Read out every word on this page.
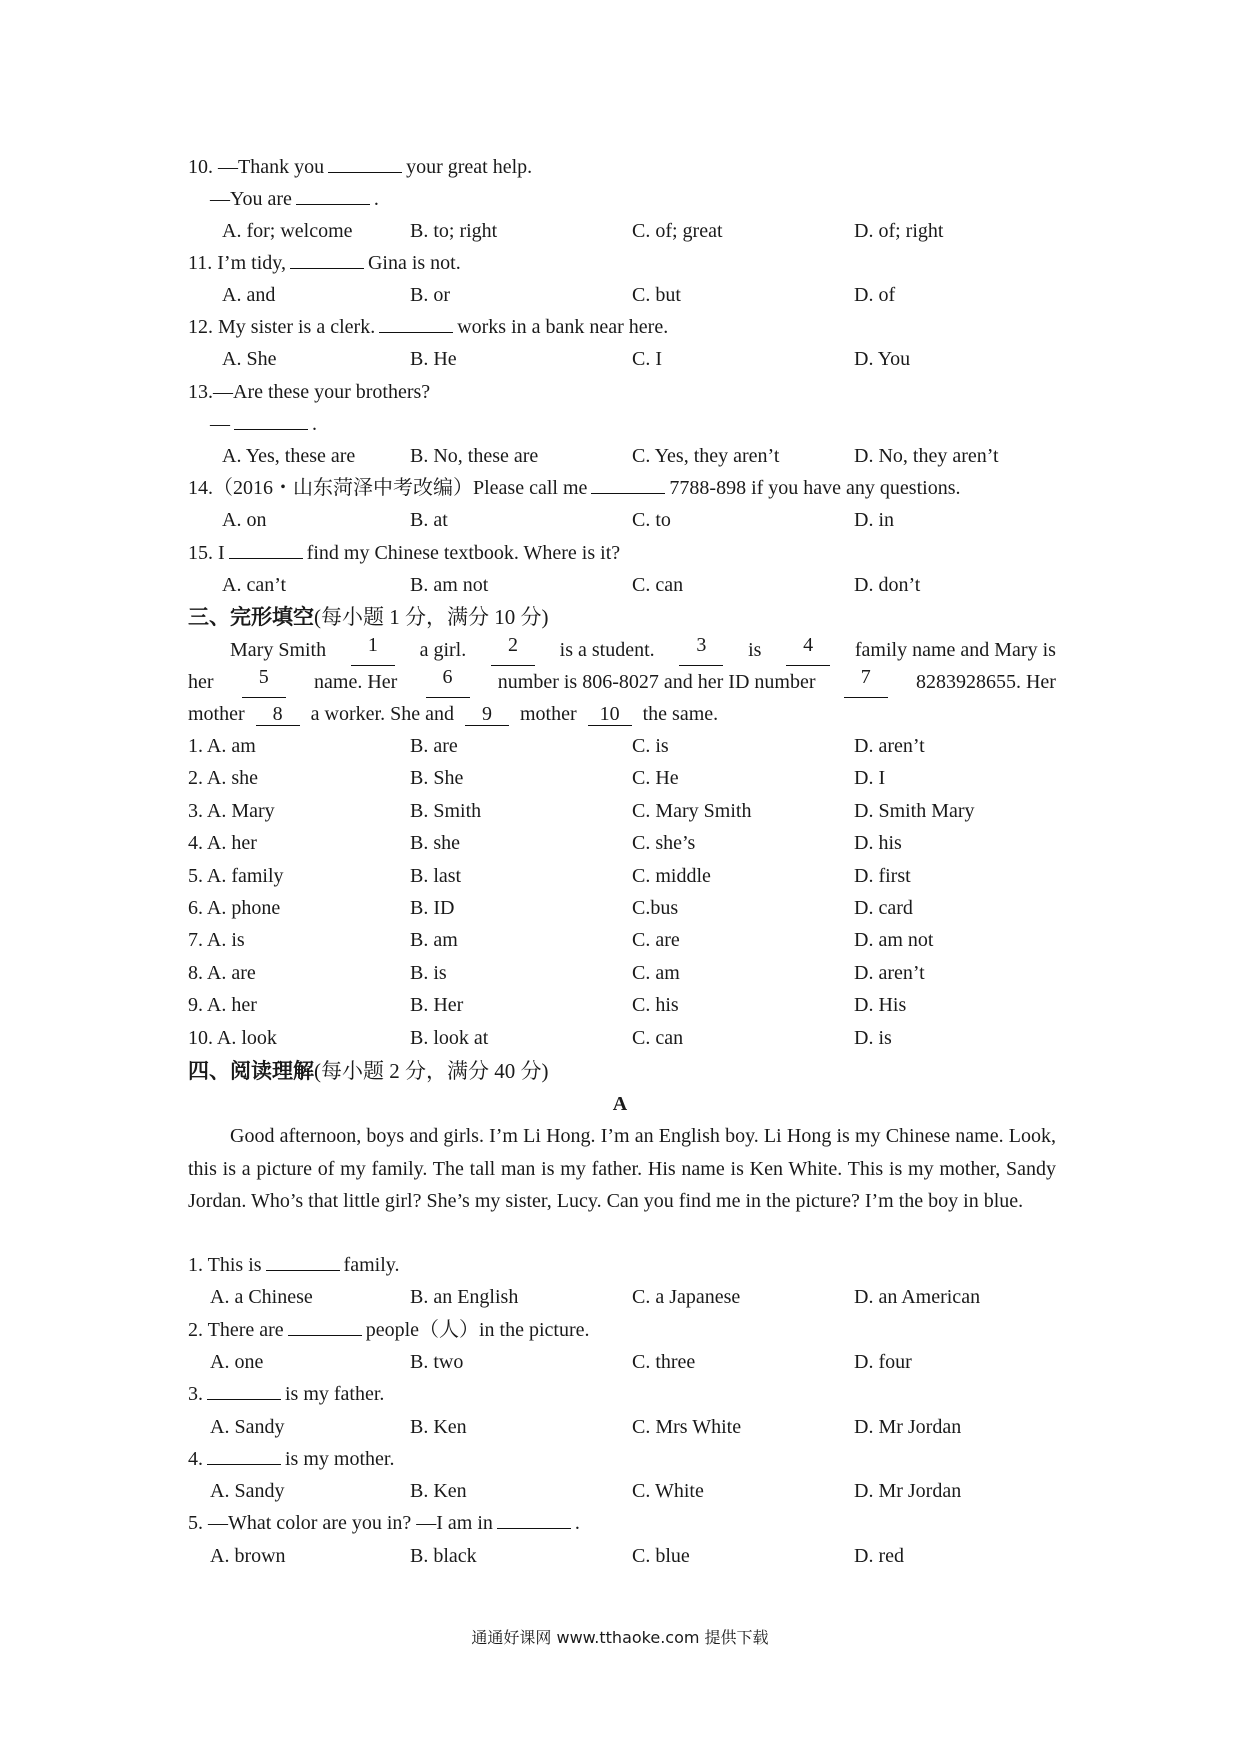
10. —Thank you	your great help.
—You are	.
A. for; welcome	B. to; right	C. of; great	D. of; right
11. I’m tidy,	Gina is not.
A. and	B. or	C. but	D. of
12. My sister is a clerk.	works in a bank near here.
A. She	B. He	C. I	D. You
13.—Are these your brothers?
—	.
A. Yes, these are	B. No, these are	C. Yes, they aren’t	D. No, they aren’t
14.（2016・山东菏泽中考改编）Please call me	7788-898 if you have any questions.
A. on	B. at	C. to	D. in
15. I	find my Chinese textbook. Where is it?
A. can’t	B. am not	C. can	D. don’t
三、完形填空(每小题 1 分，满分 10 分)
Mary Smith	1	a girl.	2	is a student.	3	is	4	family name and Mary is
her	5	name. Her	6	number is 806-8027 and her ID number	7	8283928655. Her
mother 8 a worker. She and 9 mother 10 the same.
1. A. am	B. are	C. is	D. aren’t
2. A. she	B. She	C. He	D. I
3. A. Mary	B. Smith	C. Mary Smith	D. Smith Mary
4. A. her	B. she	C. she’s	D. his
5. A. family	B. last	C. middle	D. first
6. A. phone	B. ID	C.bus	D. card
7. A. is	B. am	C. are	D. am not
8. A. are	B. is	C. am	D. aren’t
9. A. her	B. Her	C. his	D. His
10. A. look	B. look at	C. can	D. is
四、阅读理解(每小题 2 分，满分 40 分)
A
Good afternoon, boys and girls. I’m Li Hong. I’m an English boy. Li Hong is my Chinese name. Look, this is a picture of my family. The tall man is my father. His name is Ken White. This is my mother, Sandy Jordan. Who’s that little girl? She’s my sister, Lucy. Can you find me in the picture? I’m the boy in blue.
1. This is	family.
A. a Chinese	B. an English	C. a Japanese	D. an American
2. There are	people（人）in the picture.
A. one	B. two	C. three	D. four
3.	is my father.
A. Sandy	B. Ken	C. Mrs White	D. Mr Jordan
4.	is my mother.
A. Sandy	B. Ken	C. White	D. Mr Jordan
5. —What color are you in? —I am in	.
A. brown	B. black	C. blue	D. red
通通好课网 www.tthaoke.com 提供下载
